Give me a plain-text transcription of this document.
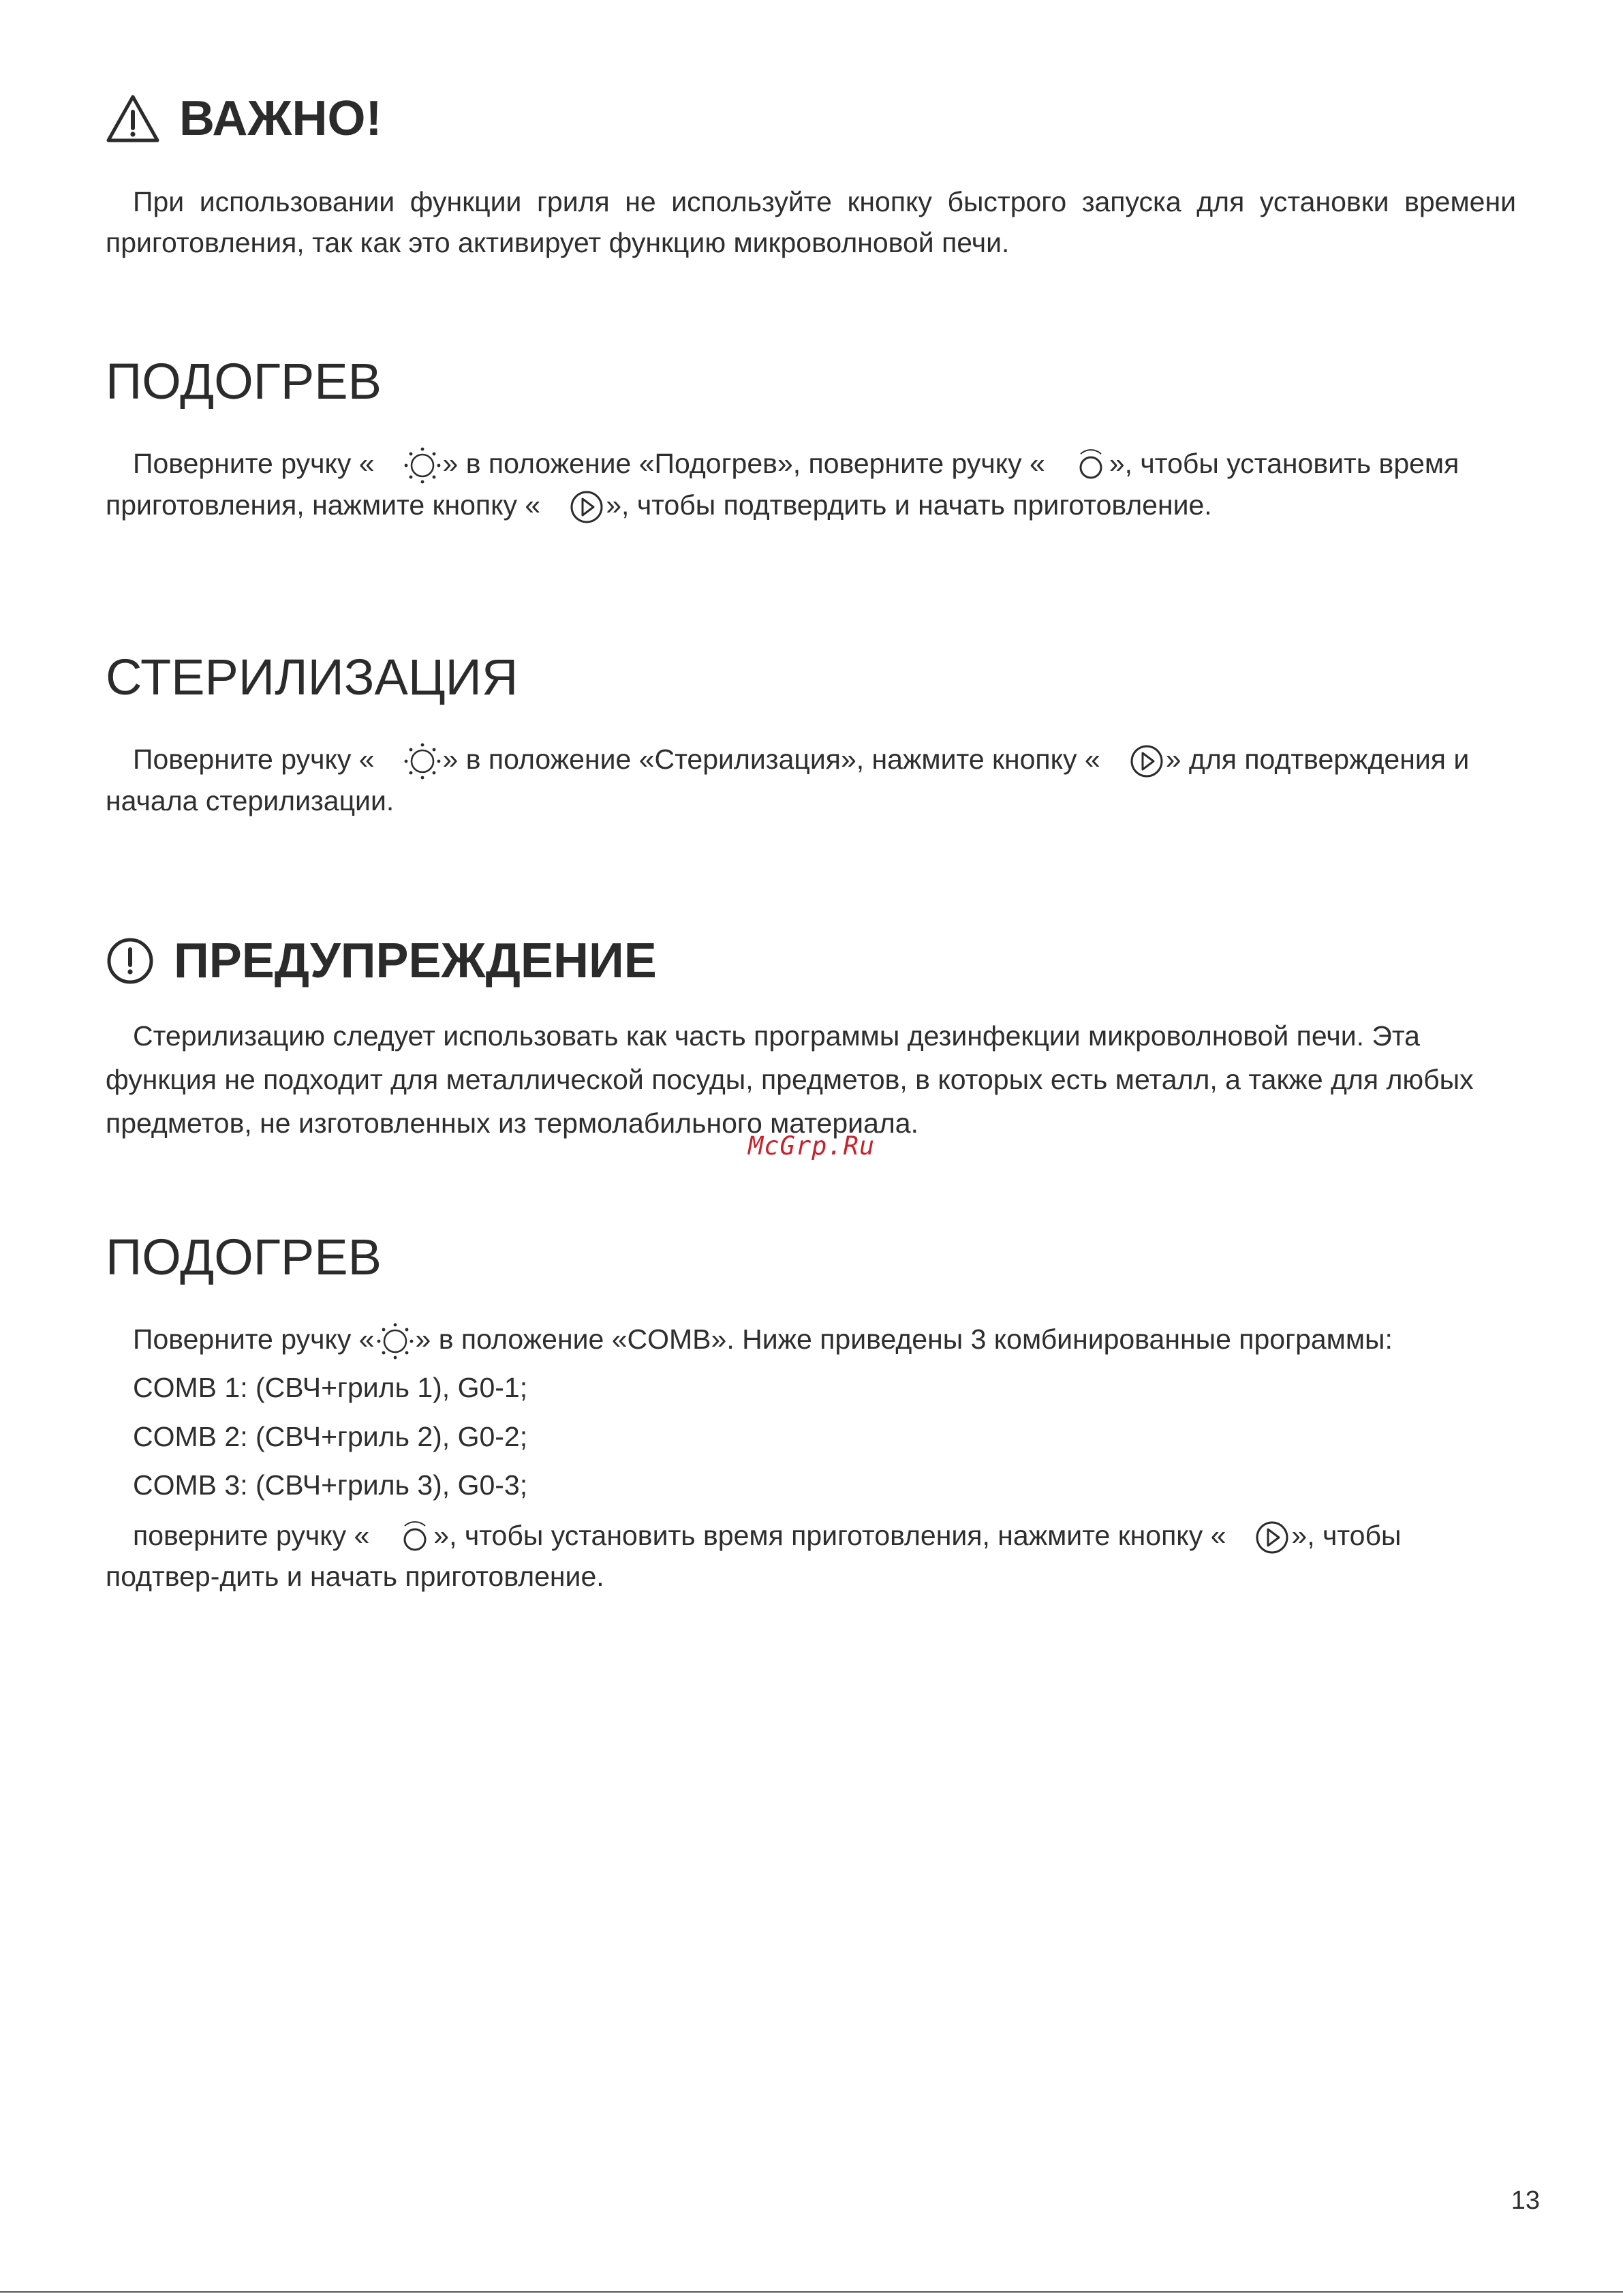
ВАЖНО!

При использовании функции гриля не используйте кнопку быстрого запуска для установки времени приготовления, так как это активирует функцию микроволновой печи.

ПОДОГРЕВ

Поверните ручку « » в положение «Подогрев», поверните ручку « », чтобы установить время приготовления, нажмите кнопку « », чтобы подтвердить и начать приготовление.

СТЕРИЛИЗАЦИЯ

Поверните ручку « » в положение «Стерилизация», нажмите кнопку « » для подтверждения и начала стерилизации.

ПРЕДУПРЕЖДЕНИЕ

Стерилизацию следует использовать как часть программы дезинфекции микроволновой печи. Эта функция не подходит для металлической посуды, предметов, в которых есть металл, а также для любых предметов, не изготовленных из термолабильного материала.

McGrp.Ru
ПОДОГРЕВ

Поверните ручку « » в положение «COMB». Ниже приведены 3 комбинированные программы:

COMB 1: (СВЧ+гриль 1), G0-1;

COMB 2: (СВЧ+гриль 2), G0-2;

COMB 3: (СВЧ+гриль 3), G0-3;

поверните ручку « », чтобы установить время приготовления, нажмите кнопку « », чтобы подтвер-дить и начать приготовление.

13
